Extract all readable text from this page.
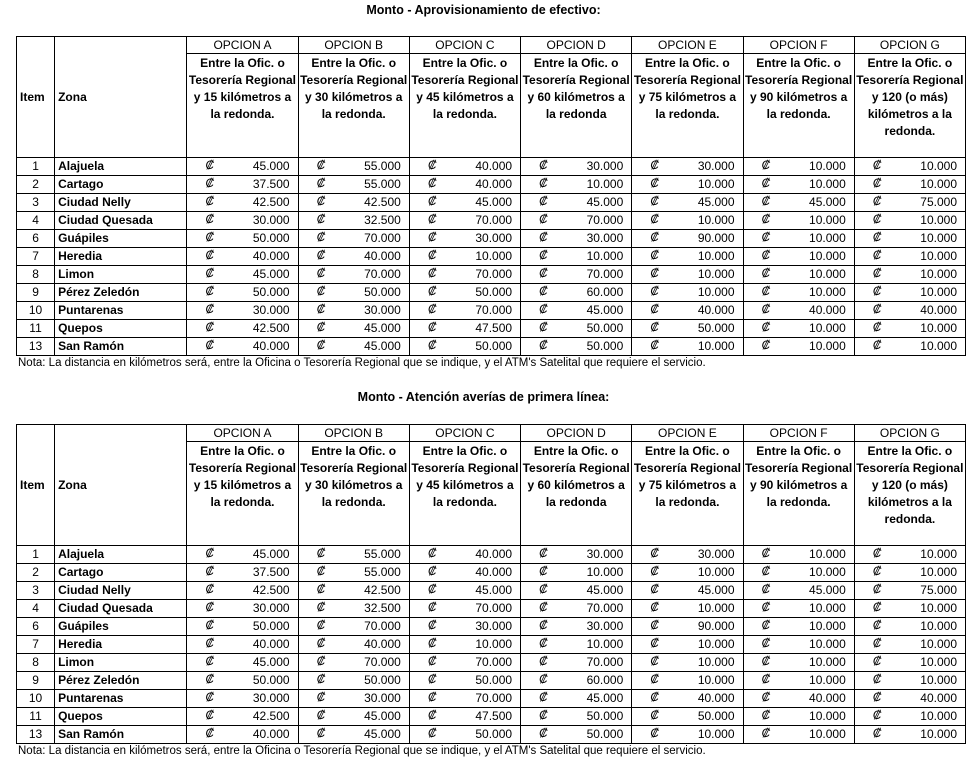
Monto - Aprovisionamiento de efectivo:
Item	Zona	OPCION A	OPCION B	OPCION C	OPCION D	OPCION E	OPCION F	OPCION G
		Entre la Ofic. o Tesorería Regional y 15 kilómetros a la redonda.	Entre la Ofic. o Tesorería Regional y 30 kilómetros a la redonda.	Entre la Ofic. o Tesorería Regional y 45 kilómetros a la redonda.	Entre la Ofic. o Tesorería Regional y 60 kilómetros a la redonda	Entre la Ofic. o Tesorería Regional y 75 kilómetros a la redonda.	Entre la Ofic. o Tesorería Regional y 90 kilómetros a la redonda.	Entre la Ofic. o Tesorería Regional y 120 (o más) kilómetros a la redonda.
1	Alajuela	₡ 45.000	₡ 55.000	₡ 40.000	₡ 30.000	₡ 30.000	₡ 10.000	₡ 10.000

2	Cartago	₡ 37.500	₡ 55.000	₡ 40.000	₡ 10.000	₡ 10.000	₡ 10.000	₡ 10.000

3	Ciudad Nelly	₡ 42.500	₡ 42.500	₡ 45.000	₡ 45.000	₡ 45.000	₡ 45.000	₡ 75.000

4	Ciudad Quesada	₡ 30.000	₡ 32.500	₡ 70.000	₡ 70.000	₡ 10.000	₡ 10.000	₡ 10.000

6	Guápiles	₡ 50.000	₡ 70.000	₡ 30.000	₡ 30.000	₡ 90.000	₡ 10.000	₡ 10.000

7	Heredia	₡ 40.000	₡ 40.000	₡ 10.000	₡ 10.000	₡ 10.000	₡ 10.000	₡ 10.000

8	Limon	₡ 45.000	₡ 70.000	₡ 70.000	₡ 70.000	₡ 10.000	₡ 10.000	₡ 10.000

9	Pérez Zeledón	₡ 50.000	₡ 50.000	₡ 50.000	₡ 60.000	₡ 10.000	₡ 10.000	₡ 10.000

10	Puntarenas	₡ 30.000	₡ 30.000	₡ 70.000	₡ 45.000	₡ 40.000	₡ 40.000	₡ 40.000

11	Quepos	₡ 42.500	₡ 45.000	₡ 47.500	₡ 50.000	₡ 50.000	₡ 10.000	₡ 10.000

13	San Ramón	₡ 40.000	₡ 45.000	₡ 50.000	₡ 50.000	₡ 10.000	₡ 10.000	₡ 10.000
Nota: La distancia en kilómetros será, entre la Oficina o Tesorería Regional que se indique, y el ATM's Satelital que requiere el servicio.
Monto - Atención averías de primera línea:
Item	Zona	OPCION A	OPCION B	OPCION C	OPCION D	OPCION E	OPCION F	OPCION G
		Entre la Ofic. o Tesorería Regional y 15 kilómetros a la redonda.	Entre la Ofic. o Tesorería Regional y 30 kilómetros a la redonda.	Entre la Ofic. o Tesorería Regional y 45 kilómetros a la redonda.	Entre la Ofic. o Tesorería Regional y 60 kilómetros a la redonda	Entre la Ofic. o Tesorería Regional y 75 kilómetros a la redonda.	Entre la Ofic. o Tesorería Regional y 90 kilómetros a la redonda.	Entre la Ofic. o Tesorería Regional y 120 (o más) kilómetros a la redonda.
1	Alajuela	₡ 45.000	₡ 55.000	₡ 40.000	₡ 30.000	₡ 30.000	₡ 10.000	₡ 10.000

2	Cartago	₡ 37.500	₡ 55.000	₡ 40.000	₡ 10.000	₡ 10.000	₡ 10.000	₡ 10.000

3	Ciudad Nelly	₡ 42.500	₡ 42.500	₡ 45.000	₡ 45.000	₡ 45.000	₡ 45.000	₡ 75.000

4	Ciudad Quesada	₡ 30.000	₡ 32.500	₡ 70.000	₡ 70.000	₡ 10.000	₡ 10.000	₡ 10.000

6	Guápiles	₡ 50.000	₡ 70.000	₡ 30.000	₡ 30.000	₡ 90.000	₡ 10.000	₡ 10.000

7	Heredia	₡ 40.000	₡ 40.000	₡ 10.000	₡ 10.000	₡ 10.000	₡ 10.000	₡ 10.000

8	Limon	₡ 45.000	₡ 70.000	₡ 70.000	₡ 70.000	₡ 10.000	₡ 10.000	₡ 10.000

9	Pérez Zeledón	₡ 50.000	₡ 50.000	₡ 50.000	₡ 60.000	₡ 10.000	₡ 10.000	₡ 10.000

10	Puntarenas	₡ 30.000	₡ 30.000	₡ 70.000	₡ 45.000	₡ 40.000	₡ 40.000	₡ 40.000

11	Quepos	₡ 42.500	₡ 45.000	₡ 47.500	₡ 50.000	₡ 50.000	₡ 10.000	₡ 10.000

13	San Ramón	₡ 40.000	₡ 45.000	₡ 50.000	₡ 50.000	₡ 10.000	₡ 10.000	₡ 10.000
Nota: La distancia en kilómetros será, entre la Oficina o Tesorería Regional que se indique, y el ATM's Satelital que requiere el servicio.
